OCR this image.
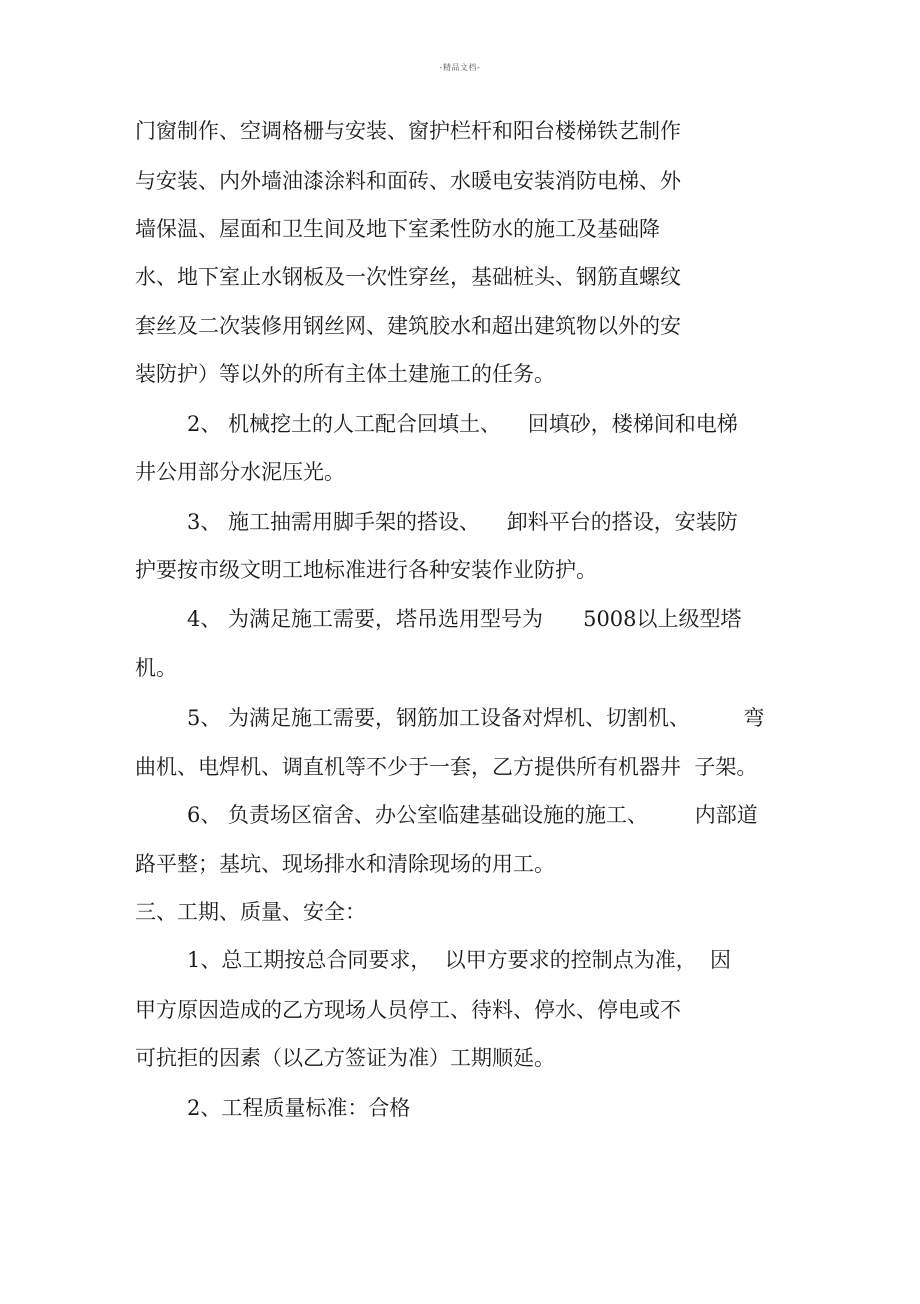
-精品文档-
门窗制作、空调格栅与安装、窗护栏杆和阳台楼梯铁艺制作
与安装、内外墙油漆涂料和面砖、水暖电安装消防电梯、外
墙保温、屋面和卫生间及地下室柔性防水的施工及基础降
水、地下室止水钢板及一次性穿丝，基础桩头、钢筋直螺纹
套丝及二次装修用钢丝网、建筑胶水和超出建筑物以外的安
装防护）等以外的所有主体土建施工的任务。
2、 机械挖土的人工配合回填土、    回填砂，楼梯间和电梯
井公用部分水泥压光。
3、 施工抽需用脚手架的搭设、    卸料平台的搭设，安装防
护要按市级文明工地标准进行各种安装作业防护。
4、 为满足施工需要，塔吊选用型号为      5008以上级型塔
机。
5、 为满足施工需要，钢筋加工设备对焊机、切割机、        弯
曲机、电焊机、调直机等不少于一套，乙方提供所有机器井  子架。
6、 负责场区宿舍、办公室临建基础设施的施工、       内部道
路平整；基坑、现场排水和清除现场的用工。
三、工期、质量、安全：
1、总工期按总合同要求，  以甲方要求的控制点为准，  因
甲方原因造成的乙方现场人员停工、待料、停水、停电或不
可抗拒的因素（以乙方签证为准）工期顺延。
2、工程质量标准：合格
